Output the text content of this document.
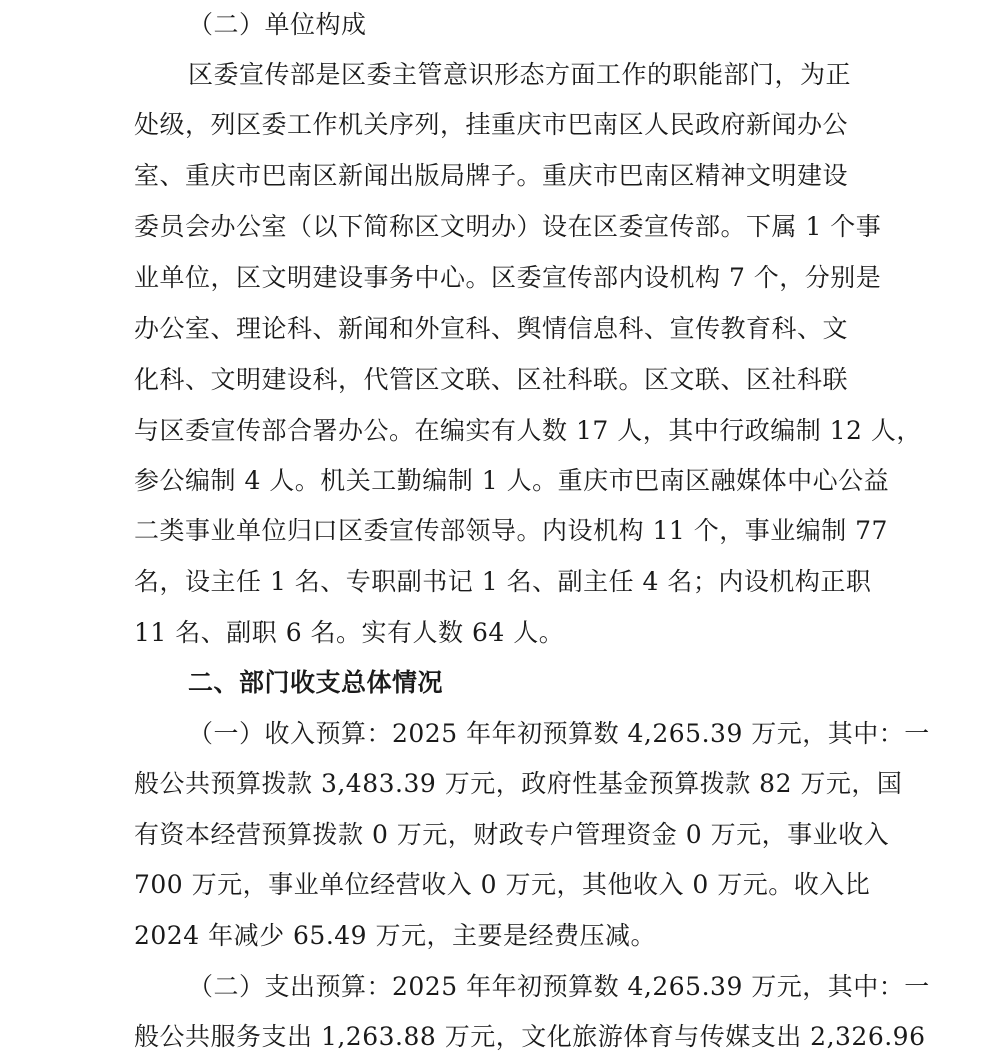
（二）单位构成
区委宣传部是区委主管意识形态方面工作的职能部门，为正
处级，列区委工作机关序列，挂重庆市巴南区人民政府新闻办公
室、重庆市巴南区新闻出版局牌子。重庆市巴南区精神文明建设
委员会办公室（以下简称区文明办）设在区委宣传部。下属 1 个事
业单位，区文明建设事务中心。区委宣传部内设机构 7 个，分别是
办公室、理论科、新闻和外宣科、舆情信息科、宣传教育科、文
化科、文明建设科，代管区文联、区社科联。区文联、区社科联
与区委宣传部合署办公。在编实有人数 17 人，其中行政编制 12 人，
参公编制 4 人。机关工勤编制 1 人。重庆市巴南区融媒体中心公益
二类事业单位归口区委宣传部领导。内设机构 11 个，事业编制 77
名，设主任 1 名、专职副书记 1 名、副主任 4 名；内设机构正职
11 名、副职 6 名。实有人数 64 人。
二、部门收支总体情况
（一）收入预算：2025 年年初预算数 4,265.39 万元，其中：一
般公共预算拨款 3,483.39 万元，政府性基金预算拨款 82 万元，国
有资本经营预算拨款 0 万元，财政专户管理资金 0 万元，事业收入
700 万元，事业单位经营收入 0 万元，其他收入 0 万元。收入比
2024 年减少 65.49 万元，主要是经费压减。
（二）支出预算：2025 年年初预算数 4,265.39 万元，其中：一
般公共服务支出 1,263.88 万元，文化旅游体育与传媒支出 2,326.96
